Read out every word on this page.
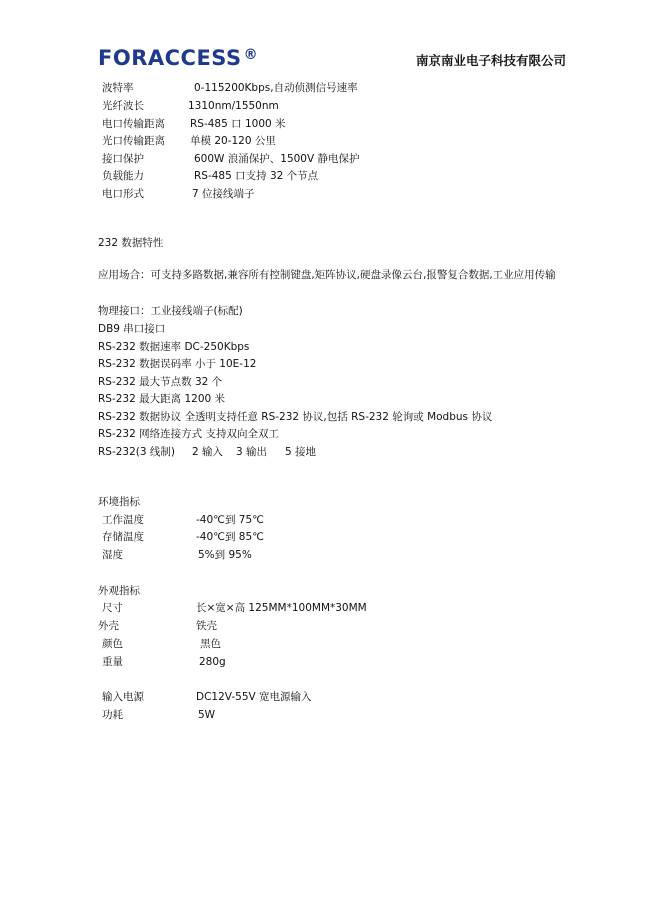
FORACCESS ®	南京南业电子科技有限公司
波特率	0-115200Kbps,自动侦测信号速率
光纤波长	1310nm/1550nm
电口传输距离 RS-485 口 1000 米
光口传输距离 单模 20-120 公里
接口保护	600W 浪涌保护、1500V 静电保护
负载能力	RS-485 口支持 32 个节点
电口形式	7 位接线端子
232 数据特性
应用场合：可支持多路数据,兼容所有控制键盘,矩阵协议,硬盘录像云台,报警复合数据,工业应用传输
物理接口：工业接线端子(标配)
DB9 串口接口
RS-232 数据速率 DC-250Kbps
RS-232 数据误码率 小于 10E-12
RS-232 最大节点数 32 个
RS-232 最大距离 1200 米
RS-232 数据协议 全透明支持任意 RS-232 协议,包括 RS-232 轮询或 Modbus 协议
RS-232 网络连接方式 支持双向全双工
RS-232(3 线制) 2 输入 3 输出 5 接地
环境指标
工作温度	-40℃到 75℃
存储温度	-40℃到 85℃
湿度	5%到 95%
外观指标
尺寸	长×宽×高 125MM*100MM*30MM
外壳	铁壳
颜色	黑色
重量	280g
输入电源	DC12V-55V 宽电源输入
功耗	5W
